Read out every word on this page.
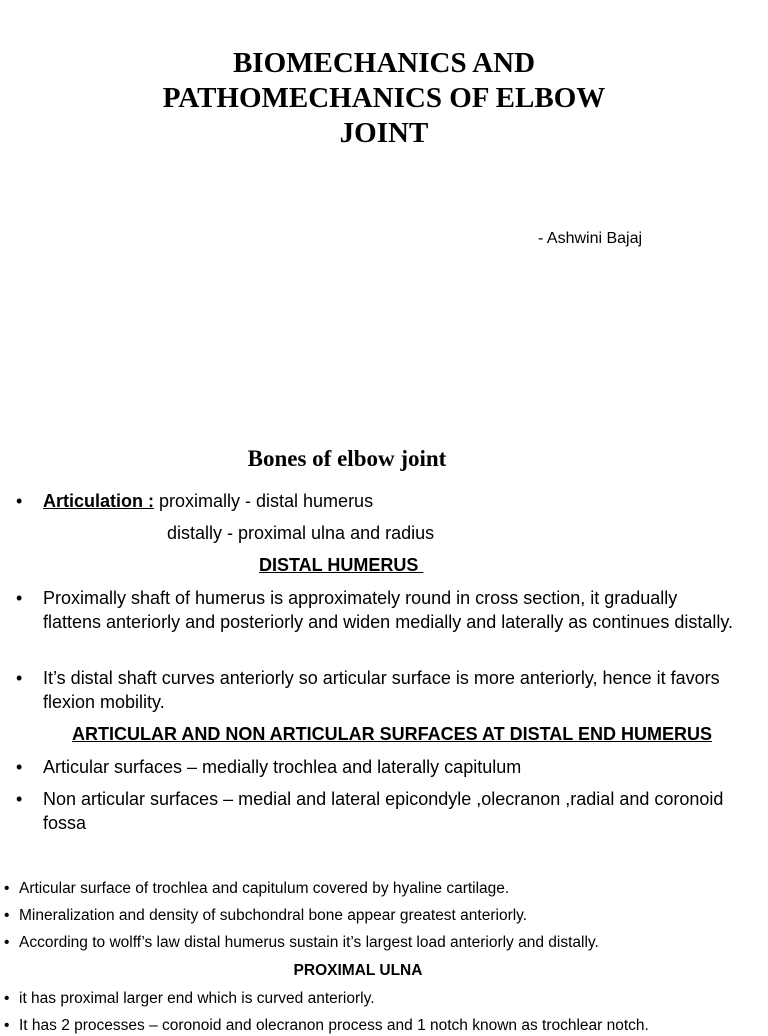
BIOMECHANICS AND
PATHOMECHANICS OF ELBOW
JOINT
- Ashwini Bajaj
Bones of elbow joint
• Articulation : proximally - distal humerus
distally - proximal ulna and radius
DISTAL HUMERUS
• Proximally shaft of humerus is approximately round in cross section, it gradually flattens anteriorly and posteriorly and widen medially and laterally as continues distally.
• It’s distal shaft curves anteriorly so articular surface is more anteriorly, hence it favors flexion mobility.
ARTICULAR AND NON ARTICULAR SURFACES AT DISTAL END HUMERUS
• Articular surfaces – medially trochlea and laterally capitulum
• Non articular surfaces – medial and lateral epicondyle ,olecranon ,radial and coronoid fossa
• Articular surface of trochlea and capitulum covered by hyaline cartilage.
• Mineralization and density of subchondral bone appear greatest anteriorly.
• According to wolff’s law distal humerus sustain it’s largest load anteriorly and distally.
PROXIMAL ULNA
• it has proximal larger end which is curved anteriorly.
• It has 2 processes – coronoid and olecranon process and 1 notch known as trochlear notch.
